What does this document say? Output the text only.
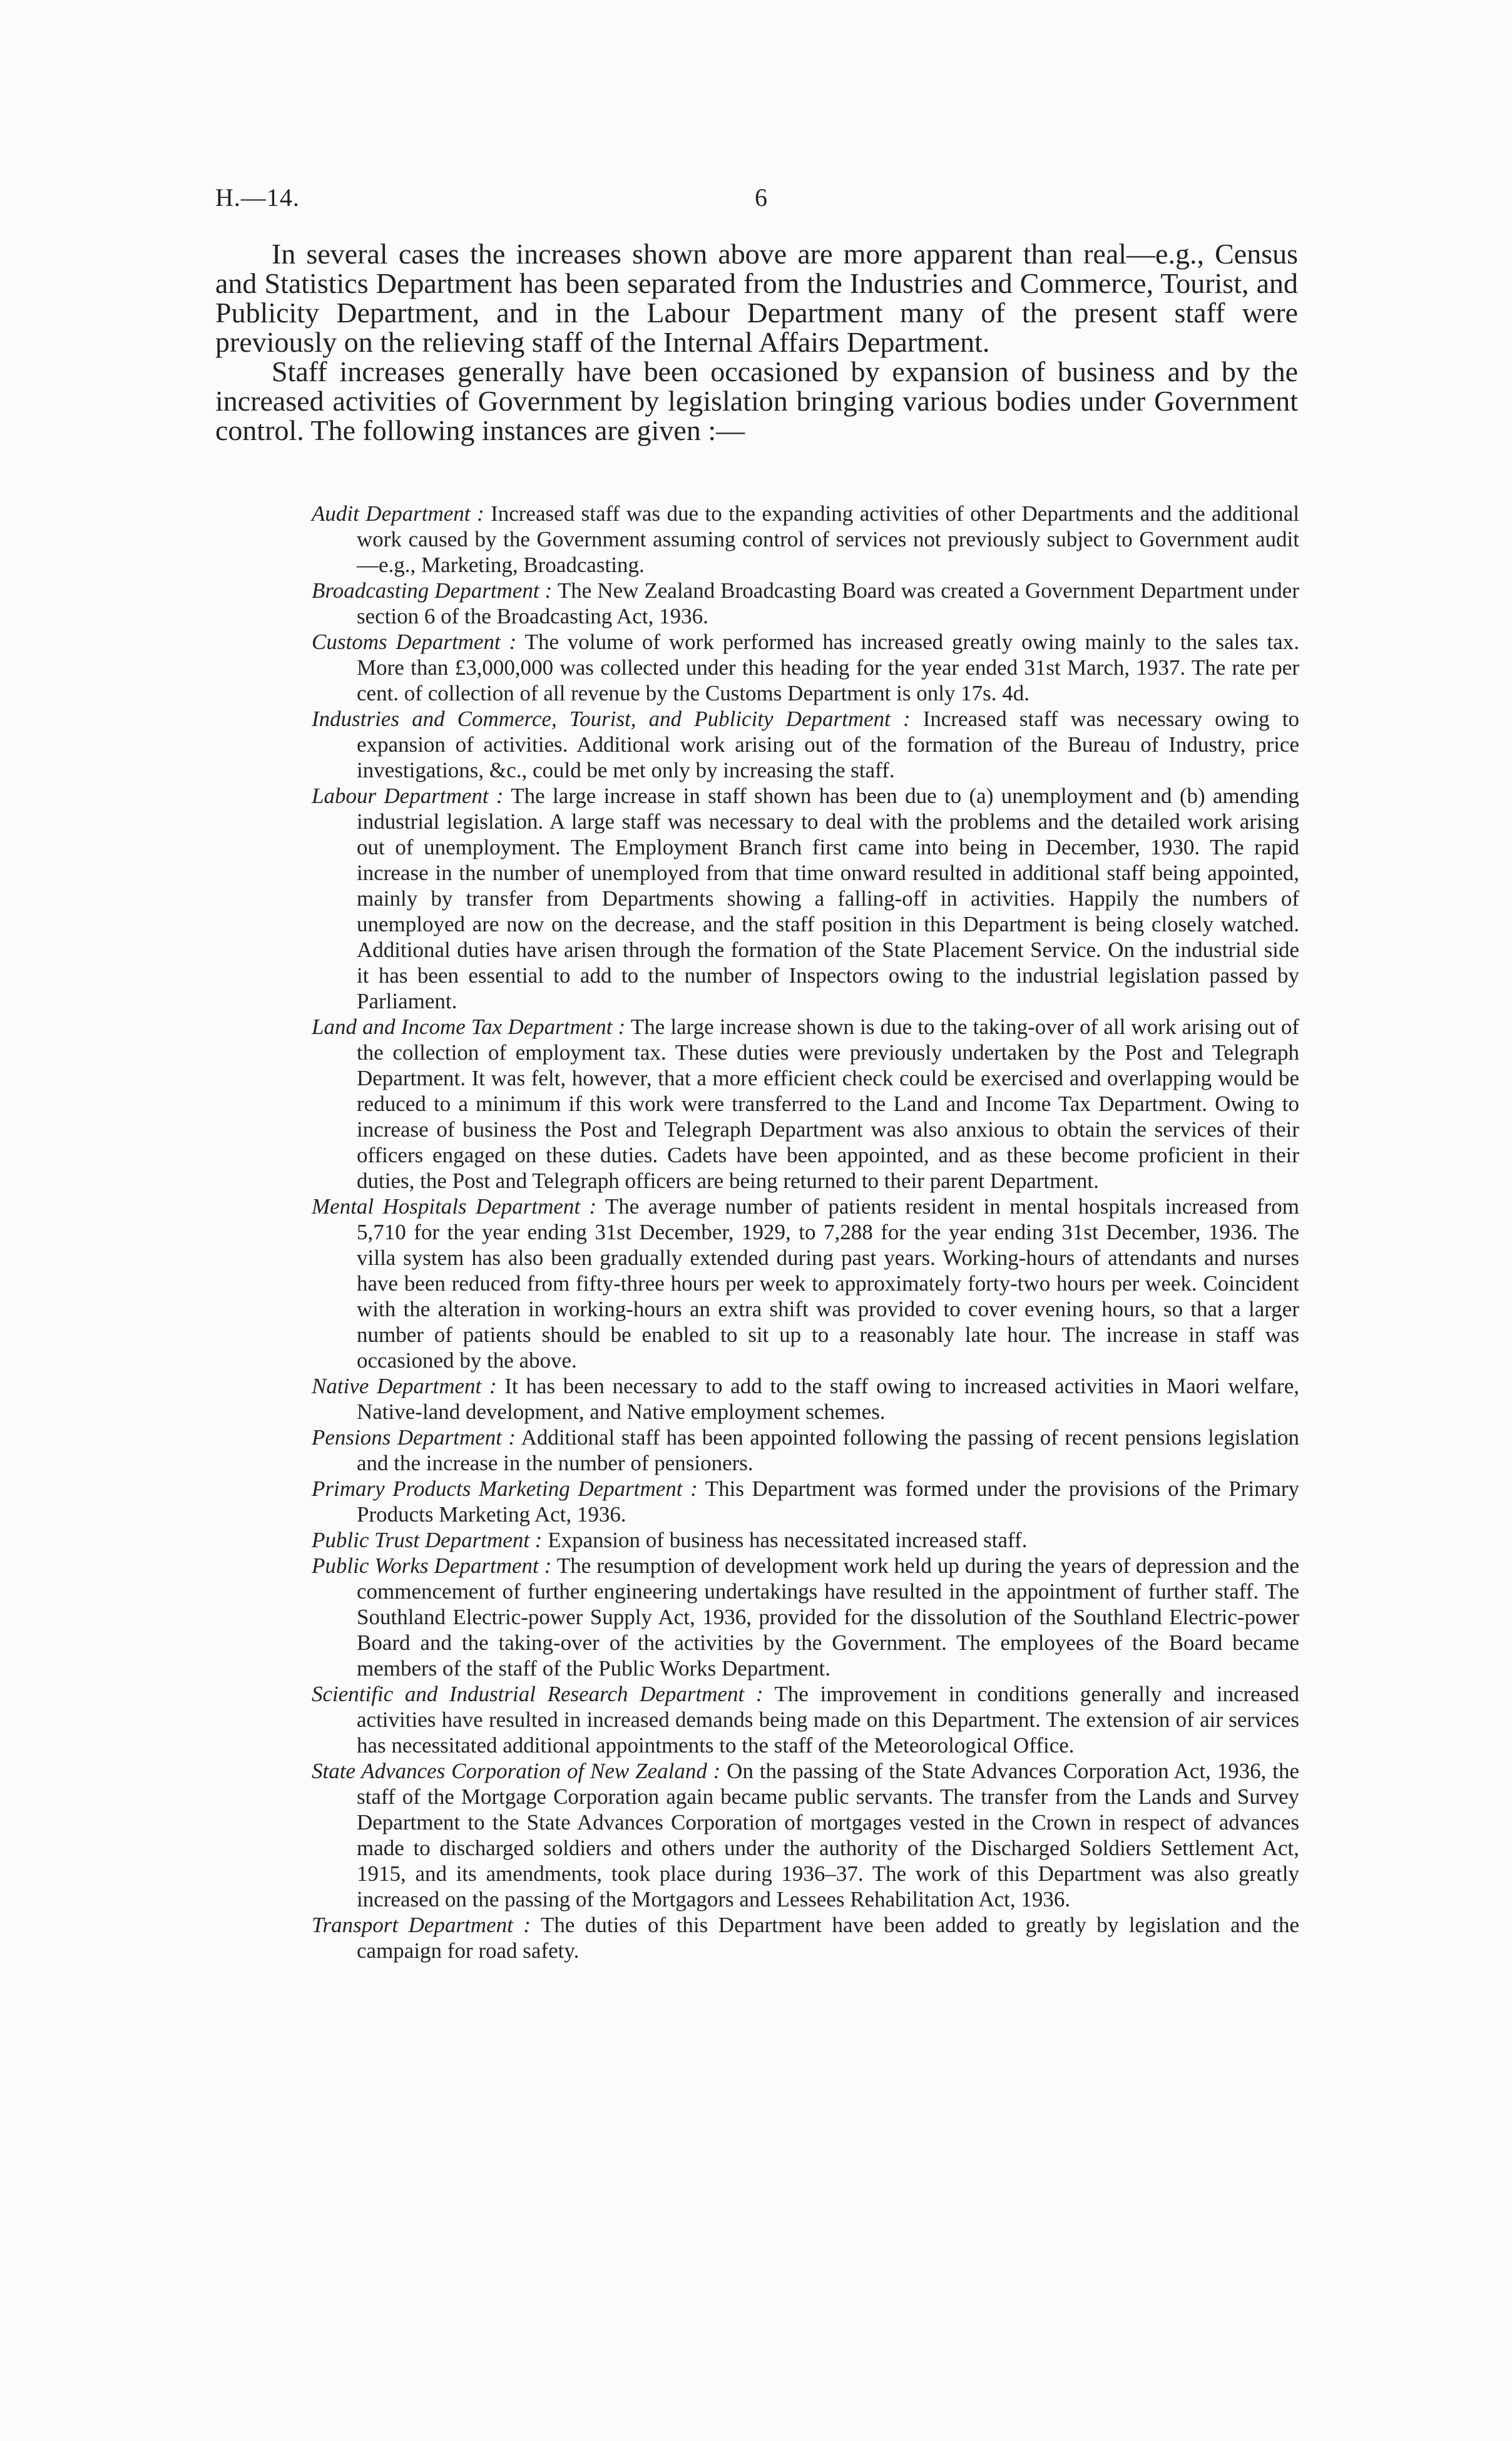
H.—14.	6

In several cases the increases shown above are more apparent than real—e.g., Census and Statistics Department has been separated from the Industries and Commerce, Tourist, and Publicity Department, and in the Labour Department many of the present staff were previously on the relieving staff of the Internal Affairs Department.

Staff increases generally have been occasioned by expansion of business and by the increased activities of Government by legislation bringing various bodies under Government control. The following instances are given :—

Audit Department : Increased staff was due to the expanding activities of other Departments and the additional work caused by the Government assuming control of services not previously subject to Government audit—e.g., Marketing, Broadcasting.

Broadcasting Department : The New Zealand Broadcasting Board was created a Government Department under section 6 of the Broadcasting Act, 1936.

Customs Department : The volume of work performed has increased greatly owing mainly to the sales tax. More than £3,000,000 was collected under this heading for the year ended 31st March, 1937. The rate per cent. of collection of all revenue by the Customs Department is only 17s. 4d.

Industries and Commerce, Tourist, and Publicity Department : Increased staff was necessary owing to expansion of activities. Additional work arising out of the formation of the Bureau of Industry, price investigations, &c., could be met only by increasing the staff.

Labour Department : The large increase in staff shown has been due to (a) unemployment and (b) amending industrial legislation. A large staff was necessary to deal with the problems and the detailed work arising out of unemployment. The Employment Branch first came into being in December, 1930. The rapid increase in the number of unemployed from that time onward resulted in additional staff being appointed, mainly by transfer from Departments showing a falling-off in activities. Happily the numbers of unemployed are now on the decrease, and the staff position in this Department is being closely watched. Additional duties have arisen through the formation of the State Placement Service. On the industrial side it has been essential to add to the number of Inspectors owing to the industrial legislation passed by Parliament.

Land and Income Tax Department : The large increase shown is due to the taking-over of all work arising out of the collection of employment tax. These duties were previously undertaken by the Post and Telegraph Department. It was felt, however, that a more efficient check could be exercised and overlapping would be reduced to a minimum if this work were transferred to the Land and Income Tax Department. Owing to increase of business the Post and Telegraph Department was also anxious to obtain the services of their officers engaged on these duties. Cadets have been appointed, and as these become proficient in their duties, the Post and Telegraph officers are being returned to their parent Department.

Mental Hospitals Department : The average number of patients resident in mental hospitals increased from 5,710 for the year ending 31st December, 1929, to 7,288 for the year ending 31st December, 1936. The villa system has also been gradually extended during past years. Working-hours of attendants and nurses have been reduced from fifty-three hours per week to approximately forty-two hours per week. Coincident with the alteration in working-hours an extra shift was provided to cover evening hours, so that a larger number of patients should be enabled to sit up to a reasonably late hour. The increase in staff was occasioned by the above.

Native Department : It has been necessary to add to the staff owing to increased activities in Maori welfare, Native-land development, and Native employment schemes.

Pensions Department : Additional staff has been appointed following the passing of recent pensions legislation and the increase in the number of pensioners.

Primary Products Marketing Department : This Department was formed under the provisions of the Primary Products Marketing Act, 1936.

Public Trust Department : Expansion of business has necessitated increased staff.

Public Works Department : The resumption of development work held up during the years of depression and the commencement of further engineering undertakings have resulted in the appointment of further staff. The Southland Electric-power Supply Act, 1936, provided for the dissolution of the Southland Electric-power Board and the taking-over of the activities by the Government. The employees of the Board became members of the staff of the Public Works Department.

Scientific and Industrial Research Department : The improvement in conditions generally and increased activities have resulted in increased demands being made on this Department. The extension of air services has necessitated additional appointments to the staff of the Meteorological Office.

State Advances Corporation of New Zealand : On the passing of the State Advances Corporation Act, 1936, the staff of the Mortgage Corporation again became public servants. The transfer from the Lands and Survey Department to the State Advances Corporation of mortgages vested in the Crown in respect of advances made to discharged soldiers and others under the authority of the Discharged Soldiers Settlement Act, 1915, and its amendments, took place during 1936–37. The work of this Department was also greatly increased on the passing of the Mortgagors and Lessees Rehabilitation Act, 1936.

Transport Department : The duties of this Department have been added to greatly by legislation and the campaign for road safety.
